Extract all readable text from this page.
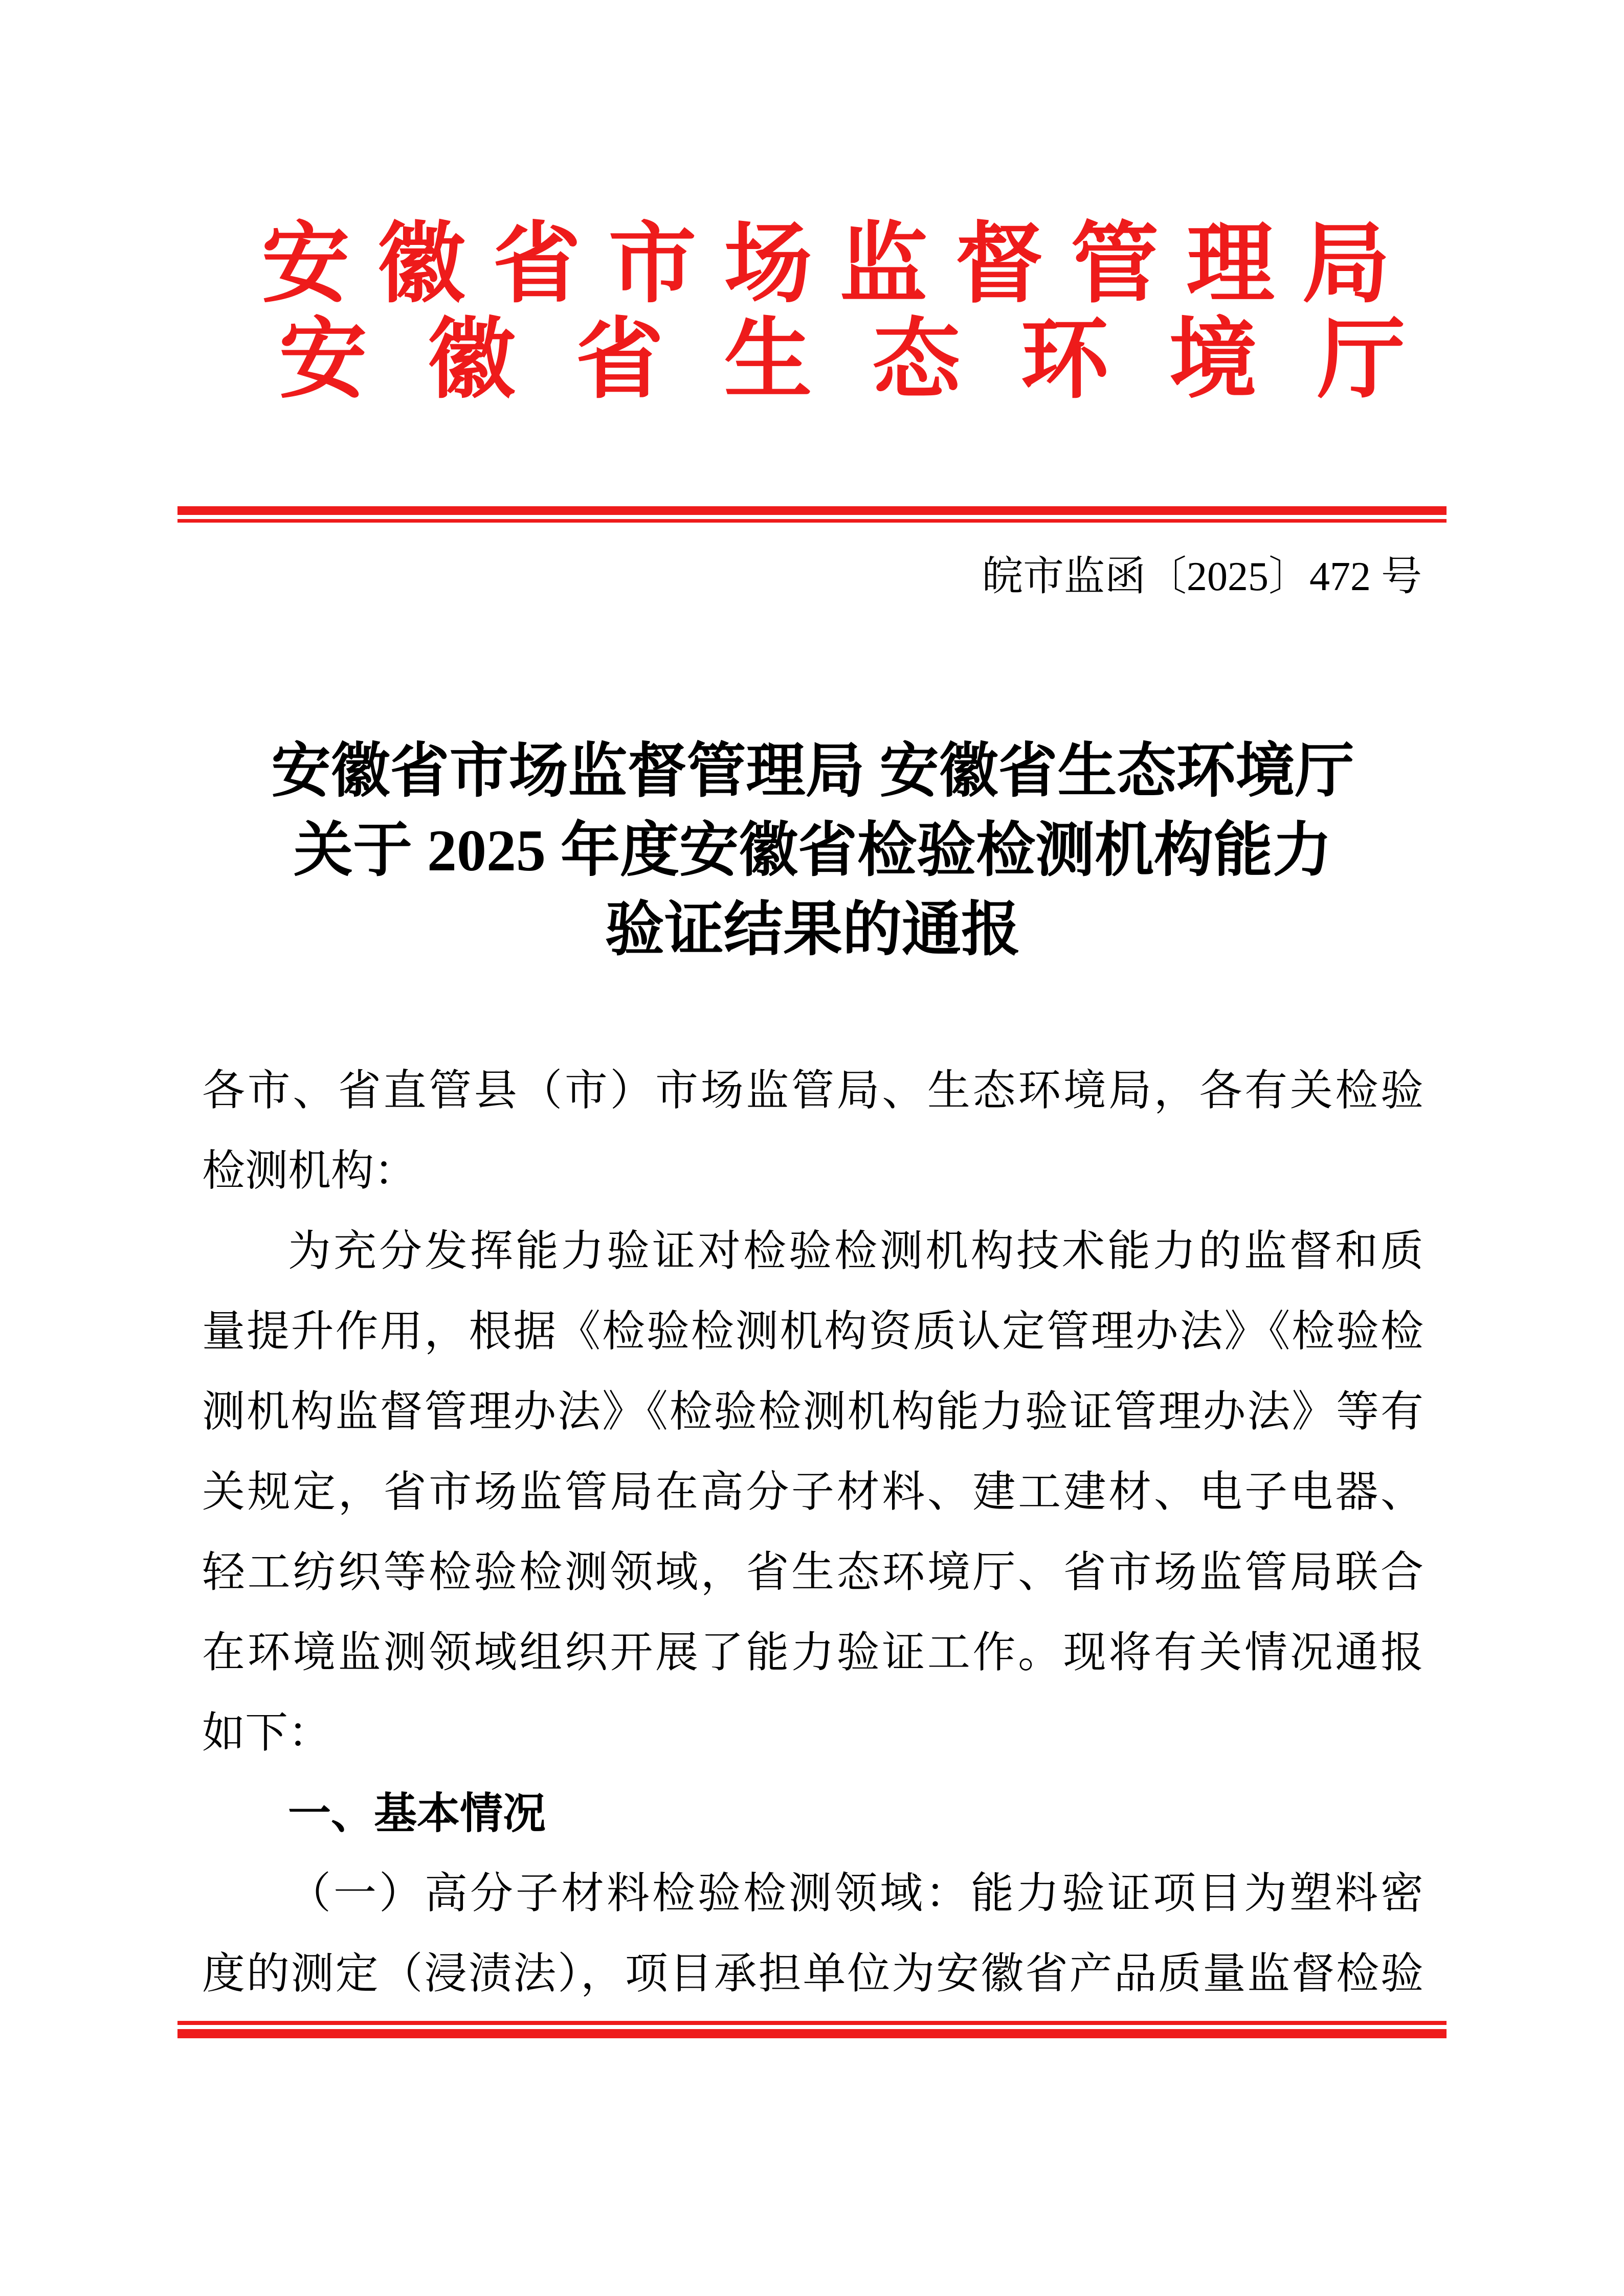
安徽省市场监督管理局
安徽省生态环境厅
皖市监函〔2025〕472 号
安徽省市场监督管理局 安徽省生态环境厅
关于 2025 年度安徽省检验检测机构能力
验证结果的通报
各市、省直管县（市）市场监管局、生态环境局，各有关检验
检测机构：
为充分发挥能力验证对检验检测机构技术能力的监督和质
量提升作用，根据《检验检测机构资质认定管理办法》《检验检
测机构监督管理办法》《检验检测机构能力验证管理办法》等有
关规定，省市场监管局在高分子材料、建工建材、电子电器、
轻工纺织等检验检测领域，省生态环境厅、省市场监管局联合
在环境监测领域组织开展了能力验证工作。现将有关情况通报
如下：
一、基本情况
（一）高分子材料检验检测领域：能力验证项目为塑料密
度的测定（浸渍法），项目承担单位为安徽省产品质量监督检验
